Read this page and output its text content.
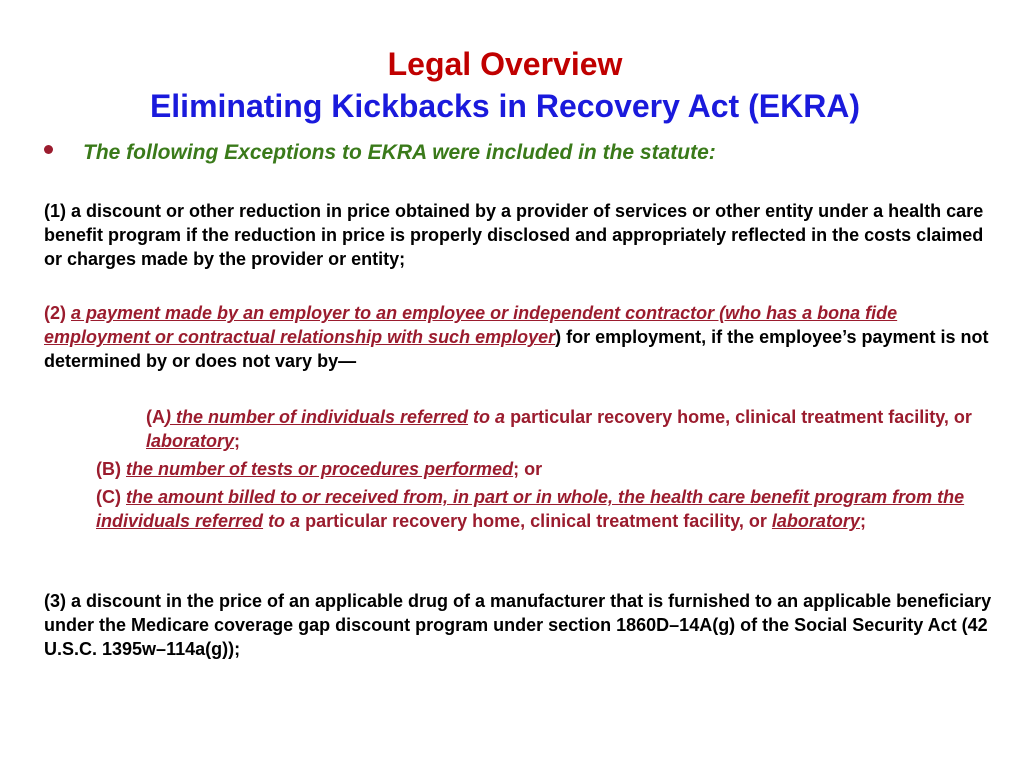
Legal Overview
Eliminating Kickbacks in Recovery Act (EKRA)
The following Exceptions to EKRA were included in the statute:
(1) a discount or other reduction in price obtained by a provider of services or other entity under a health care benefit program if the reduction in price is properly disclosed and appropriately reflected in the costs claimed or charges made by the provider or entity;
(2) a payment made by an employer to an employee or independent contractor (who has a bona fide employment or contractual relationship with such employer) for employment, if the employee’s payment is not determined by or does not vary by—
(A) the number of individuals referred to a particular recovery home, clinical treatment facility, or laboratory;
(B) the number of tests or procedures performed; or
(C) the amount billed to or received from, in part or in whole, the health care benefit program from the individuals referred to a particular recovery home, clinical treatment facility, or laboratory;
(3) a discount in the price of an applicable drug of a manufacturer that is furnished to an applicable beneficiary under the Medicare coverage gap discount program under section 1860D–14A(g) of the Social Security Act (42 U.S.C. 1395w–114a(g));
